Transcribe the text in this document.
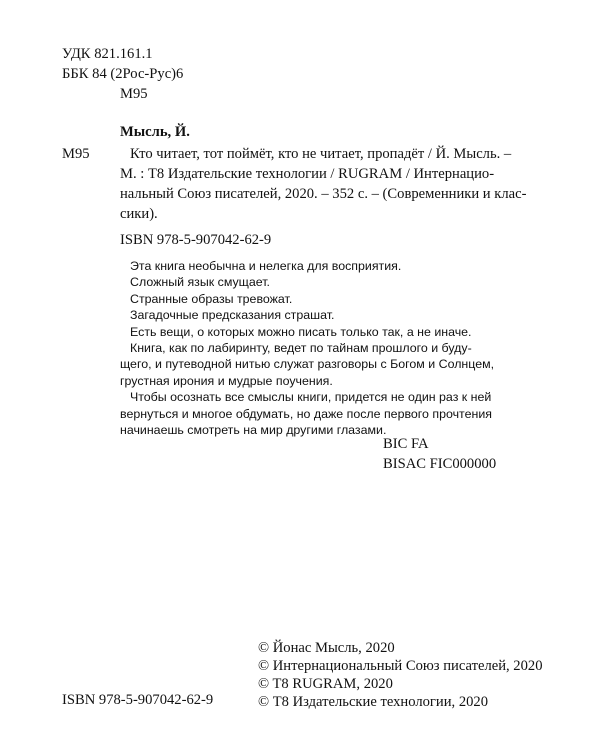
УДК 821.161.1
ББК 84 (2Рос-Рус)6
М95
Мысль, Й.
М95	Кто читает, тот поймёт, кто не читает, пропадёт / Й. Мысль. –
М. : Т8 Издательские технологии / RUGRAM / Интернацио-
нальный Союз писателей, 2020. – 352 с. – (Современники и клас-
сики).
ISBN 978-5-907042-62-9

Эта книга необычна и нелегка для восприятия.

Сложный язык смущает.

Странные образы тревожат.

Загадочные предсказания страшат.

Есть вещи, о которых можно писать только так, а не иначе.

Книга, как по лабиринту, ведет по тайнам прошлого и буду-

щего, и путеводной нитью служат разговоры с Богом и Солнцем,

грустная ирония и мудрые поучения.

Чтобы осознать все смыслы книги, придется не один раз к ней

вернуться и многое обдумать, но даже после первого прочтения

начинаешь смотреть на мир другими глазами.

BIC FA
BISAC FIC000000
ISBN 978-5-907042-62-9
© Йонас Мысль, 2020
© Интернациональный Союз писателей, 2020
© T8 RUGRAM, 2020
© Т8 Издательские технологии, 2020
